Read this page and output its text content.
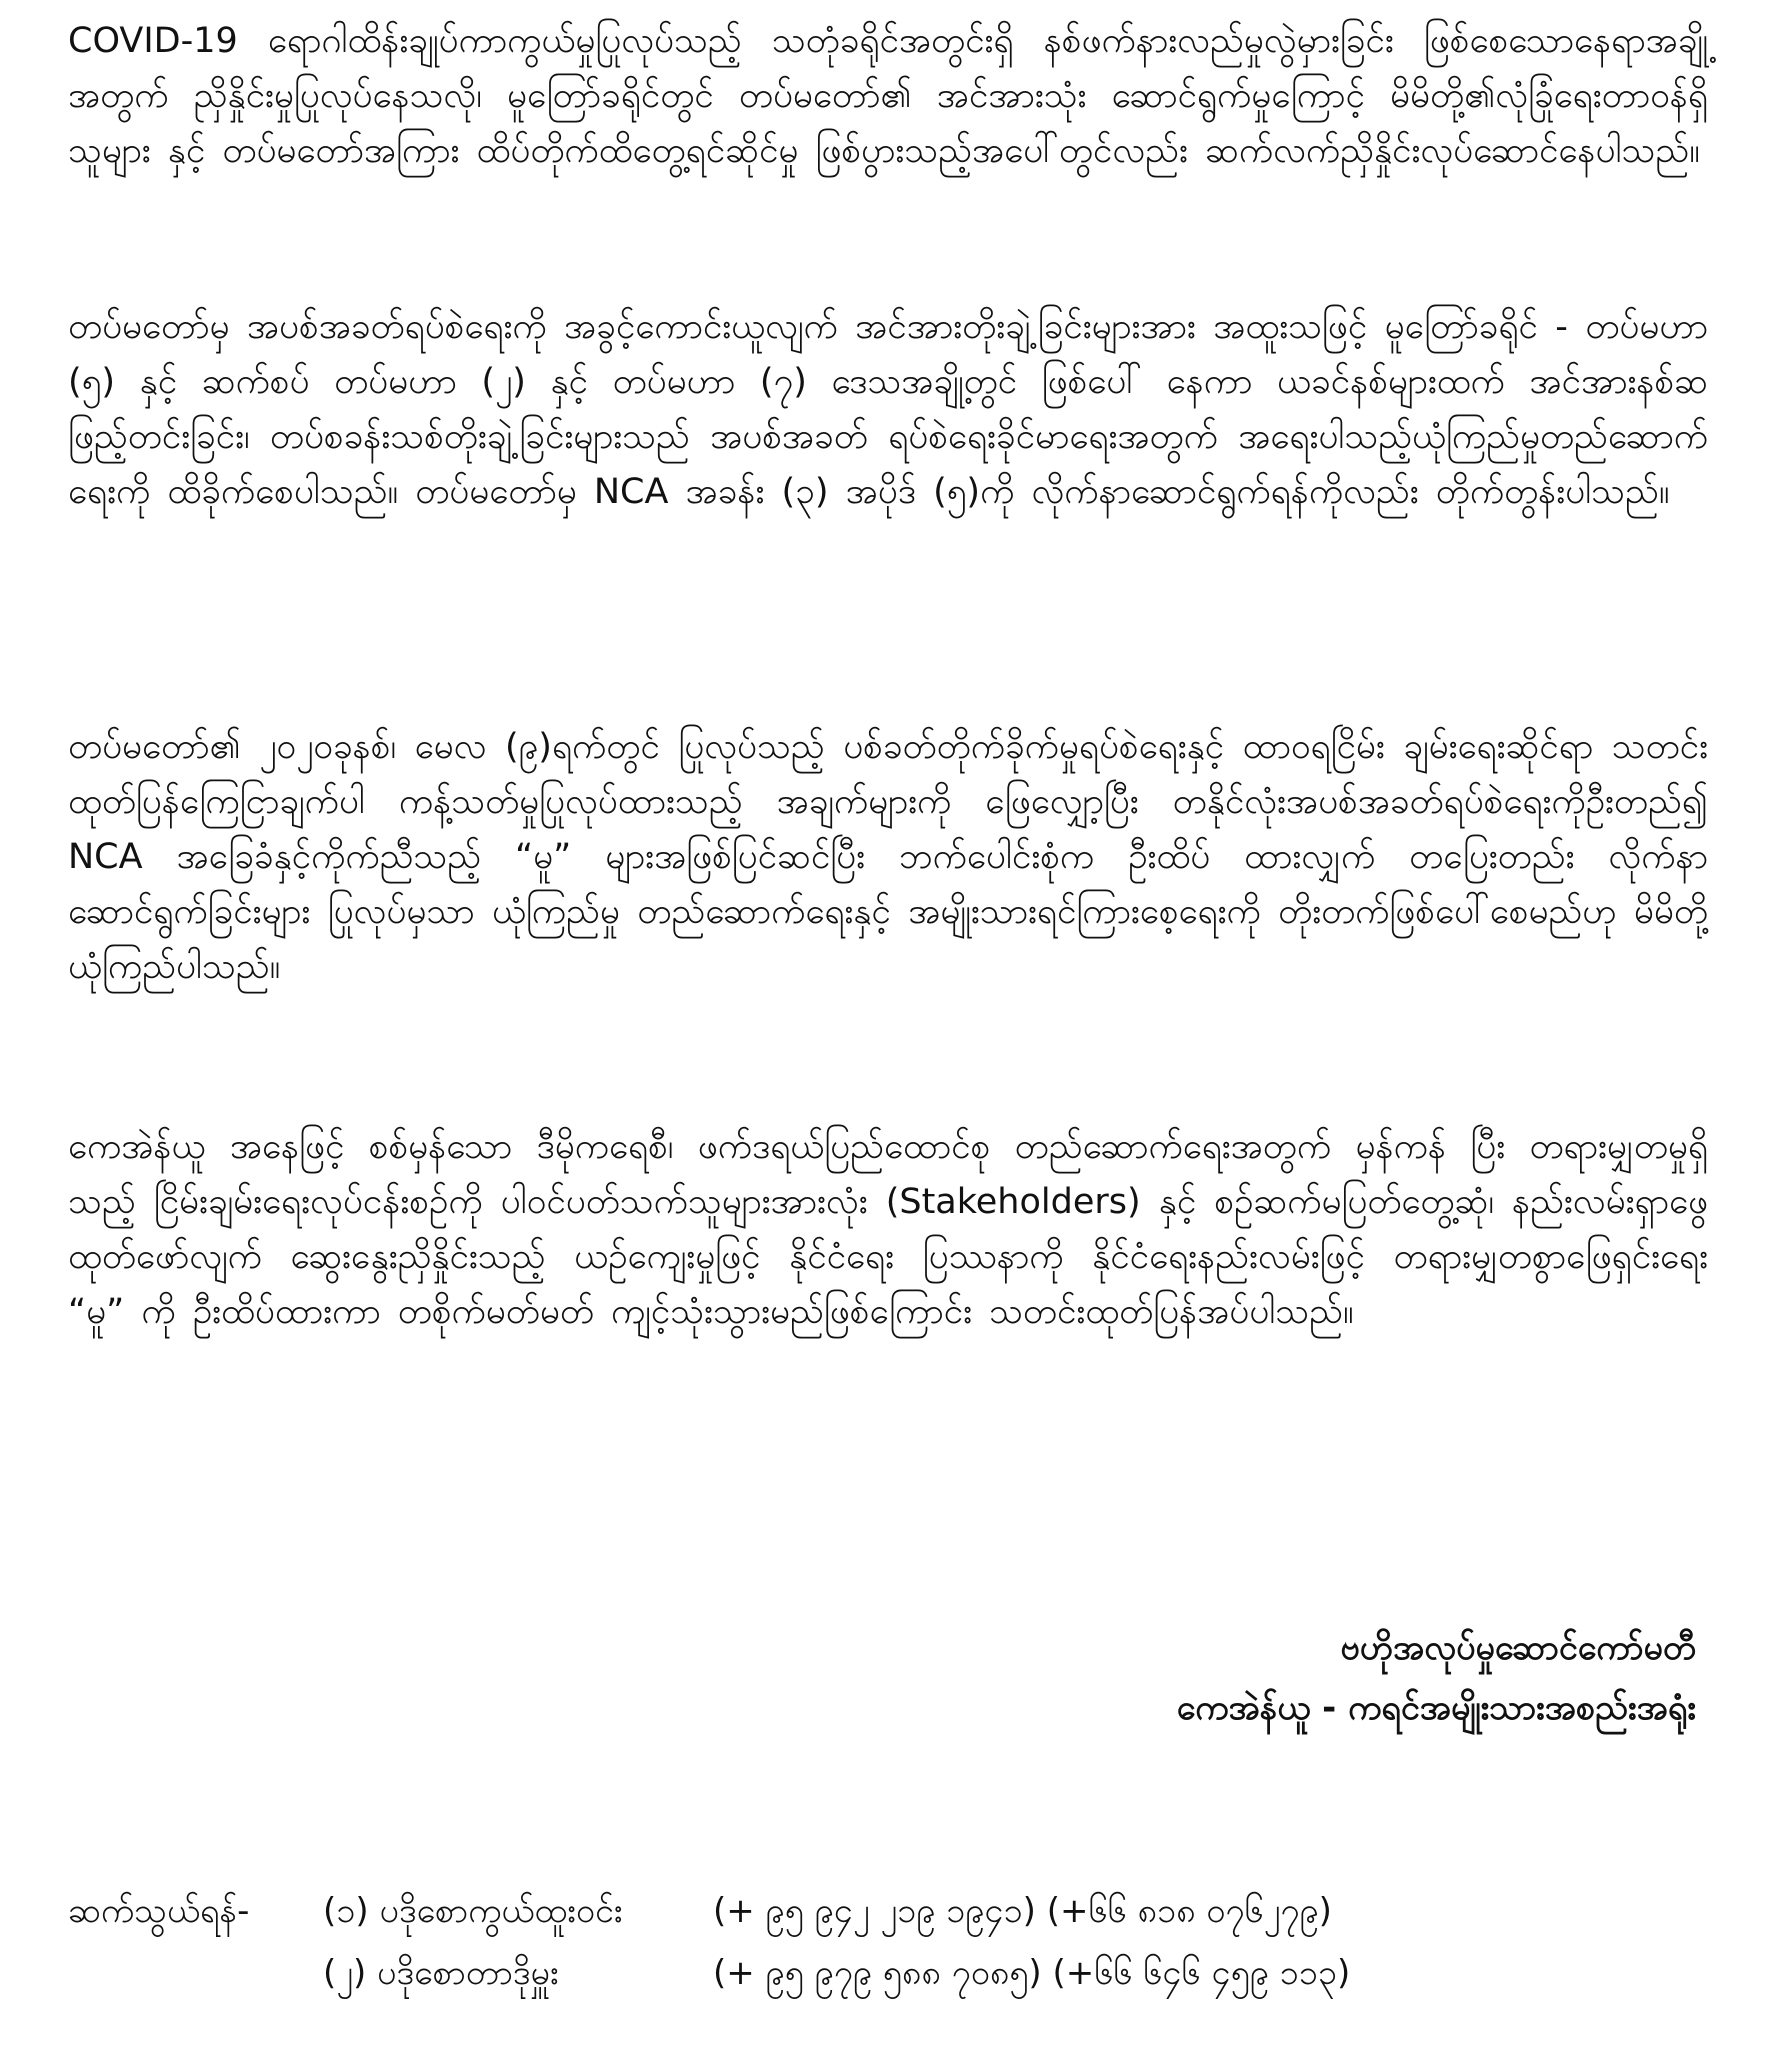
COVID-19 ရောဂါထိန်းချုပ်ကာကွယ်မှုပြုလုပ်သည့် သတုံခရိုင်အတွင်းရှိ နစ်ဖက်နားလည်မှုလွဲမှားခြင်း ဖြစ်စေသောနေရာအချို့အတွက် ညှိနှိုင်းမှုပြုလုပ်နေသလို၊ မူတြော်ခရိုင်တွင် တပ်မတော်၏ အင်အားသုံး ဆောင်ရွက်မှုကြောင့် မိမိတို့၏လုံခြုံရေးတာဝန်ရှိသူများ နှင့် တပ်မတော်အကြား ထိပ်တိုက်ထိတွေ့ရင်ဆိုင်မှု ဖြစ်ပွားသည့်အပေါ်တွင်လည်း ဆက်လက်ညှိနှိုင်းလုပ်ဆောင်နေပါသည်။

တပ်မတော်မှ အပစ်အခတ်ရပ်စဲရေးကို အခွင့်ကောင်းယူလျက် အင်အားတိုးချဲ့ခြင်းများအား အထူးသဖြင့် မူတြော်ခရိုင် - တပ်မဟာ (၅) နှင့် ဆက်စပ် တပ်မဟာ (၂) နှင့် တပ်မဟာ (၇) ဒေသအချို့တွင် ဖြစ်ပေါ် နေကာ ယခင်နစ်များထက် အင်အားနစ်ဆဖြည့်တင်းခြင်း၊ တပ်စခန်းသစ်တိုးချဲ့ခြင်းများသည် အပစ်အခတ် ရပ်စဲရေးခိုင်မာရေးအတွက် အရေးပါသည့်ယုံကြည်မှုတည်ဆောက်ရေးကို ထိခိုက်စေပါသည်။ တပ်မတော်မှ NCA အခန်း (၃) အပိုဒ် (၅)ကို လိုက်နာဆောင်ရွက်ရန်ကိုလည်း တိုက်တွန်းပါသည်။

တပ်မတော်၏ ၂၀၂၀ခုနစ်၊ မေလ (၉)ရက်တွင် ပြုလုပ်သည့် ပစ်ခတ်တိုက်ခိုက်မှုရပ်စဲရေးနှင့် ထာဝရငြိမ်း ချမ်းရေးဆိုင်ရာ သတင်းထုတ်ပြန်ကြေငြာချက်ပါ ကန့်သတ်မှုပြုလုပ်ထားသည့် အချက်များကို ဖြေလျှော့ပြီး တနိုင်လုံးအပစ်အခတ်ရပ်စဲရေးကိုဦးတည်၍ NCA အခြေခံနှင့်ကိုက်ညီသည့် “မူ” များအဖြစ်ပြင်ဆင်ပြီး ဘက်ပေါင်းစုံက ဦးထိပ် ထားလျှက် တပြေးတည်း လိုက်နာဆောင်ရွက်ခြင်းများ ပြုလုပ်မှသာ ယုံကြည်မှု တည်ဆောက်ရေးနှင့် အမျိုးသားရင်ကြားစေ့ရေးကို တိုးတက်ဖြစ်ပေါ်စေမည်ဟု မိမိတို့ယုံကြည်ပါသည်။

ကေအဲန်ယူ အနေဖြင့် စစ်မှန်သော ဒီမိုကရေစီ၊ ဖက်ဒရယ်ပြည်ထောင်စု တည်ဆောက်ရေးအတွက် မှန်ကန် ပြီး တရားမျှတမှုရှိသည့် ငြိမ်းချမ်းရေးလုပ်ငန်းစဉ်ကို ပါဝင်ပတ်သက်သူများအားလုံး (Stakeholders) နှင့် စဉ်ဆက်မပြတ်တွေ့ဆုံ၊ နည်းလမ်းရှာဖွေထုတ်ဖော်လျက် ဆွေးနွေးညှိနှိုင်းသည့် ယဉ်ကျေးမှုဖြင့် နိုင်ငံရေး ပြဿနာကို နိုင်ငံရေးနည်းလမ်းဖြင့် တရားမျှတစွာဖြေရှင်းရေး “မူ” ကို ဦးထိပ်ထားကာ တစိုက်မတ်မတ် ကျင့်သုံးသွားမည်ဖြစ်ကြောင်း သတင်းထုတ်ပြန်အပ်ပါသည်။

ဗဟိုအလုပ်မှုဆောင်ကော်မတီ
ကေအဲန်ယူ - ကရင်အမျိုးသားအစည်းအရုံး
ဆက်သွယ်ရန်- (၁) ပဒိုစောကွယ်ထူးဝင်း	(+ ၉၅ ၉၄၂ ၂၁၉ ၁၉၄၁) (+၆၆ ၈၁၈ ၀၇၆၂၇၉)
(၂) ပဒိုစောတာဒိုမှူး	(+ ၉၅ ၉၇၉ ၅၈၈ ၇၀၈၅) (+၆၆ ၆၄၆ ၄၅၉ ၁၁၃)
